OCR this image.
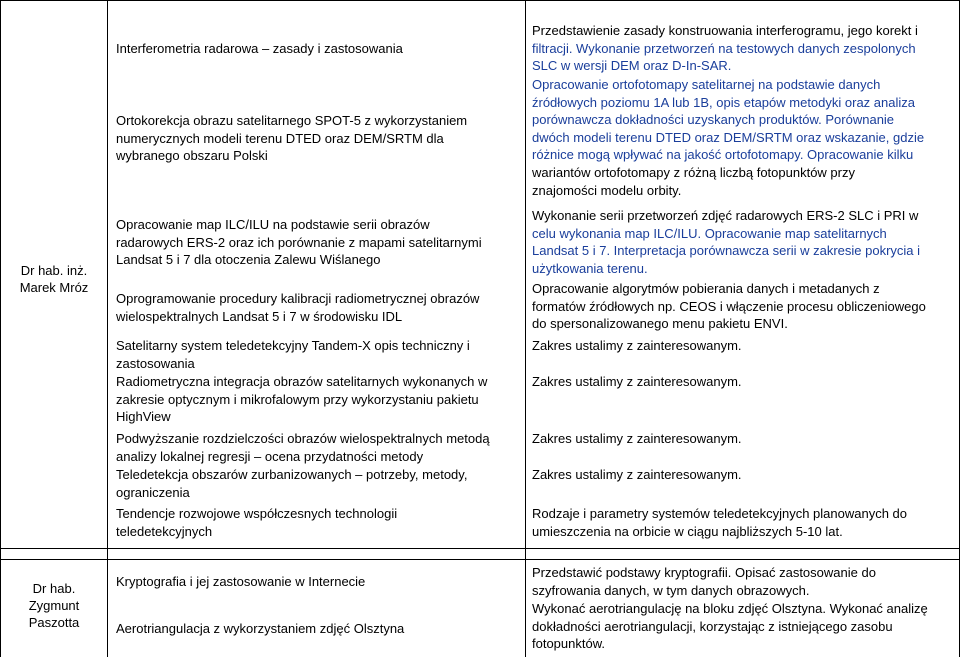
Dr hab. inż.
Marek Mróz

Interferometria radarowa – zasady i zastosowania

Przedstawienie zasady konstruowania interferogramu, jego korekt i

filtracji. Wykonanie przetworzeń na testowych danych zespolonych

SLC w wersji DEM oraz D-In-SAR.

Ortokorekcja obrazu satelitarnego SPOT-5 z wykorzystaniem

numerycznych modeli terenu DTED oraz DEM/SRTM dla

wybranego obszaru Polski

Opracowanie ortofotomapy satelitarnej na podstawie danych

źródłowych poziomu 1A lub 1B, opis etapów metodyki oraz analiza

porównawcza dokładności uzyskanych produktów. Porównanie

dwóch modeli terenu DTED oraz DEM/SRTM oraz wskazanie, gdzie

różnice mogą wpływać na jakość ortofotomapy. Opracowanie kilku

wariantów ortofotomapy z różną liczbą fotopunktów przy

znajomości modelu orbity.

Opracowanie map ILC/ILU na podstawie serii obrazów

radarowych ERS-2 oraz ich porównanie z mapami satelitarnymi

Landsat 5 i 7 dla otoczenia Zalewu Wiślanego

Wykonanie serii przetworzeń zdjęć radarowych ERS-2 SLC i PRI w

celu wykonania map ILC/ILU. Opracowanie map satelitarnych

Landsat 5 i 7. Interpretacja porównawcza serii w zakresie pokrycia i

użytkowania terenu.

Oprogramowanie procedury kalibracji radiometrycznej obrazów

wielospektralnych Landsat 5 i 7 w środowisku IDL

Opracowanie algorytmów pobierania danych i metadanych z

formatów źródłowych np. CEOS i włączenie procesu obliczeniowego

do spersonalizowanego menu pakietu ENVI.

Satelitarny system teledetekcyjny Tandem-X opis techniczny i

zastosowania

Zakres ustalimy z zainteresowanym.

Radiometryczna integracja obrazów satelitarnych wykonanych w

zakresie optycznym i mikrofalowym przy wykorzystaniu pakietu

HighView

Zakres ustalimy z zainteresowanym.

Podwyższanie rozdzielczości obrazów wielospektralnych metodą

analizy lokalnej regresji – ocena przydatności metody

Zakres ustalimy z zainteresowanym.

Teledetekcja obszarów zurbanizowanych – potrzeby, metody,

ograniczenia

Zakres ustalimy z zainteresowanym.

Tendencje rozwojowe współczesnych technologii

teledetekcyjnych

Rodzaje i parametry systemów teledetekcyjnych planowanych do

umieszczenia na orbicie w ciągu najbliższych 5-10 lat.

Dr hab.
Zygmunt
Paszotta

Kryptografia i jej zastosowanie w Internecie

Przedstawić podstawy kryptografii. Opisać zastosowanie do

szyfrowania danych, w tym danych obrazowych.

Aerotriangulacja z wykorzystaniem zdjęć Olsztyna

Wykonać aerotriangulację na bloku zdjęć Olsztyna. Wykonać analizę

dokładności aerotriangulacji, korzystając z istniejącego zasobu

fotopunktów.
